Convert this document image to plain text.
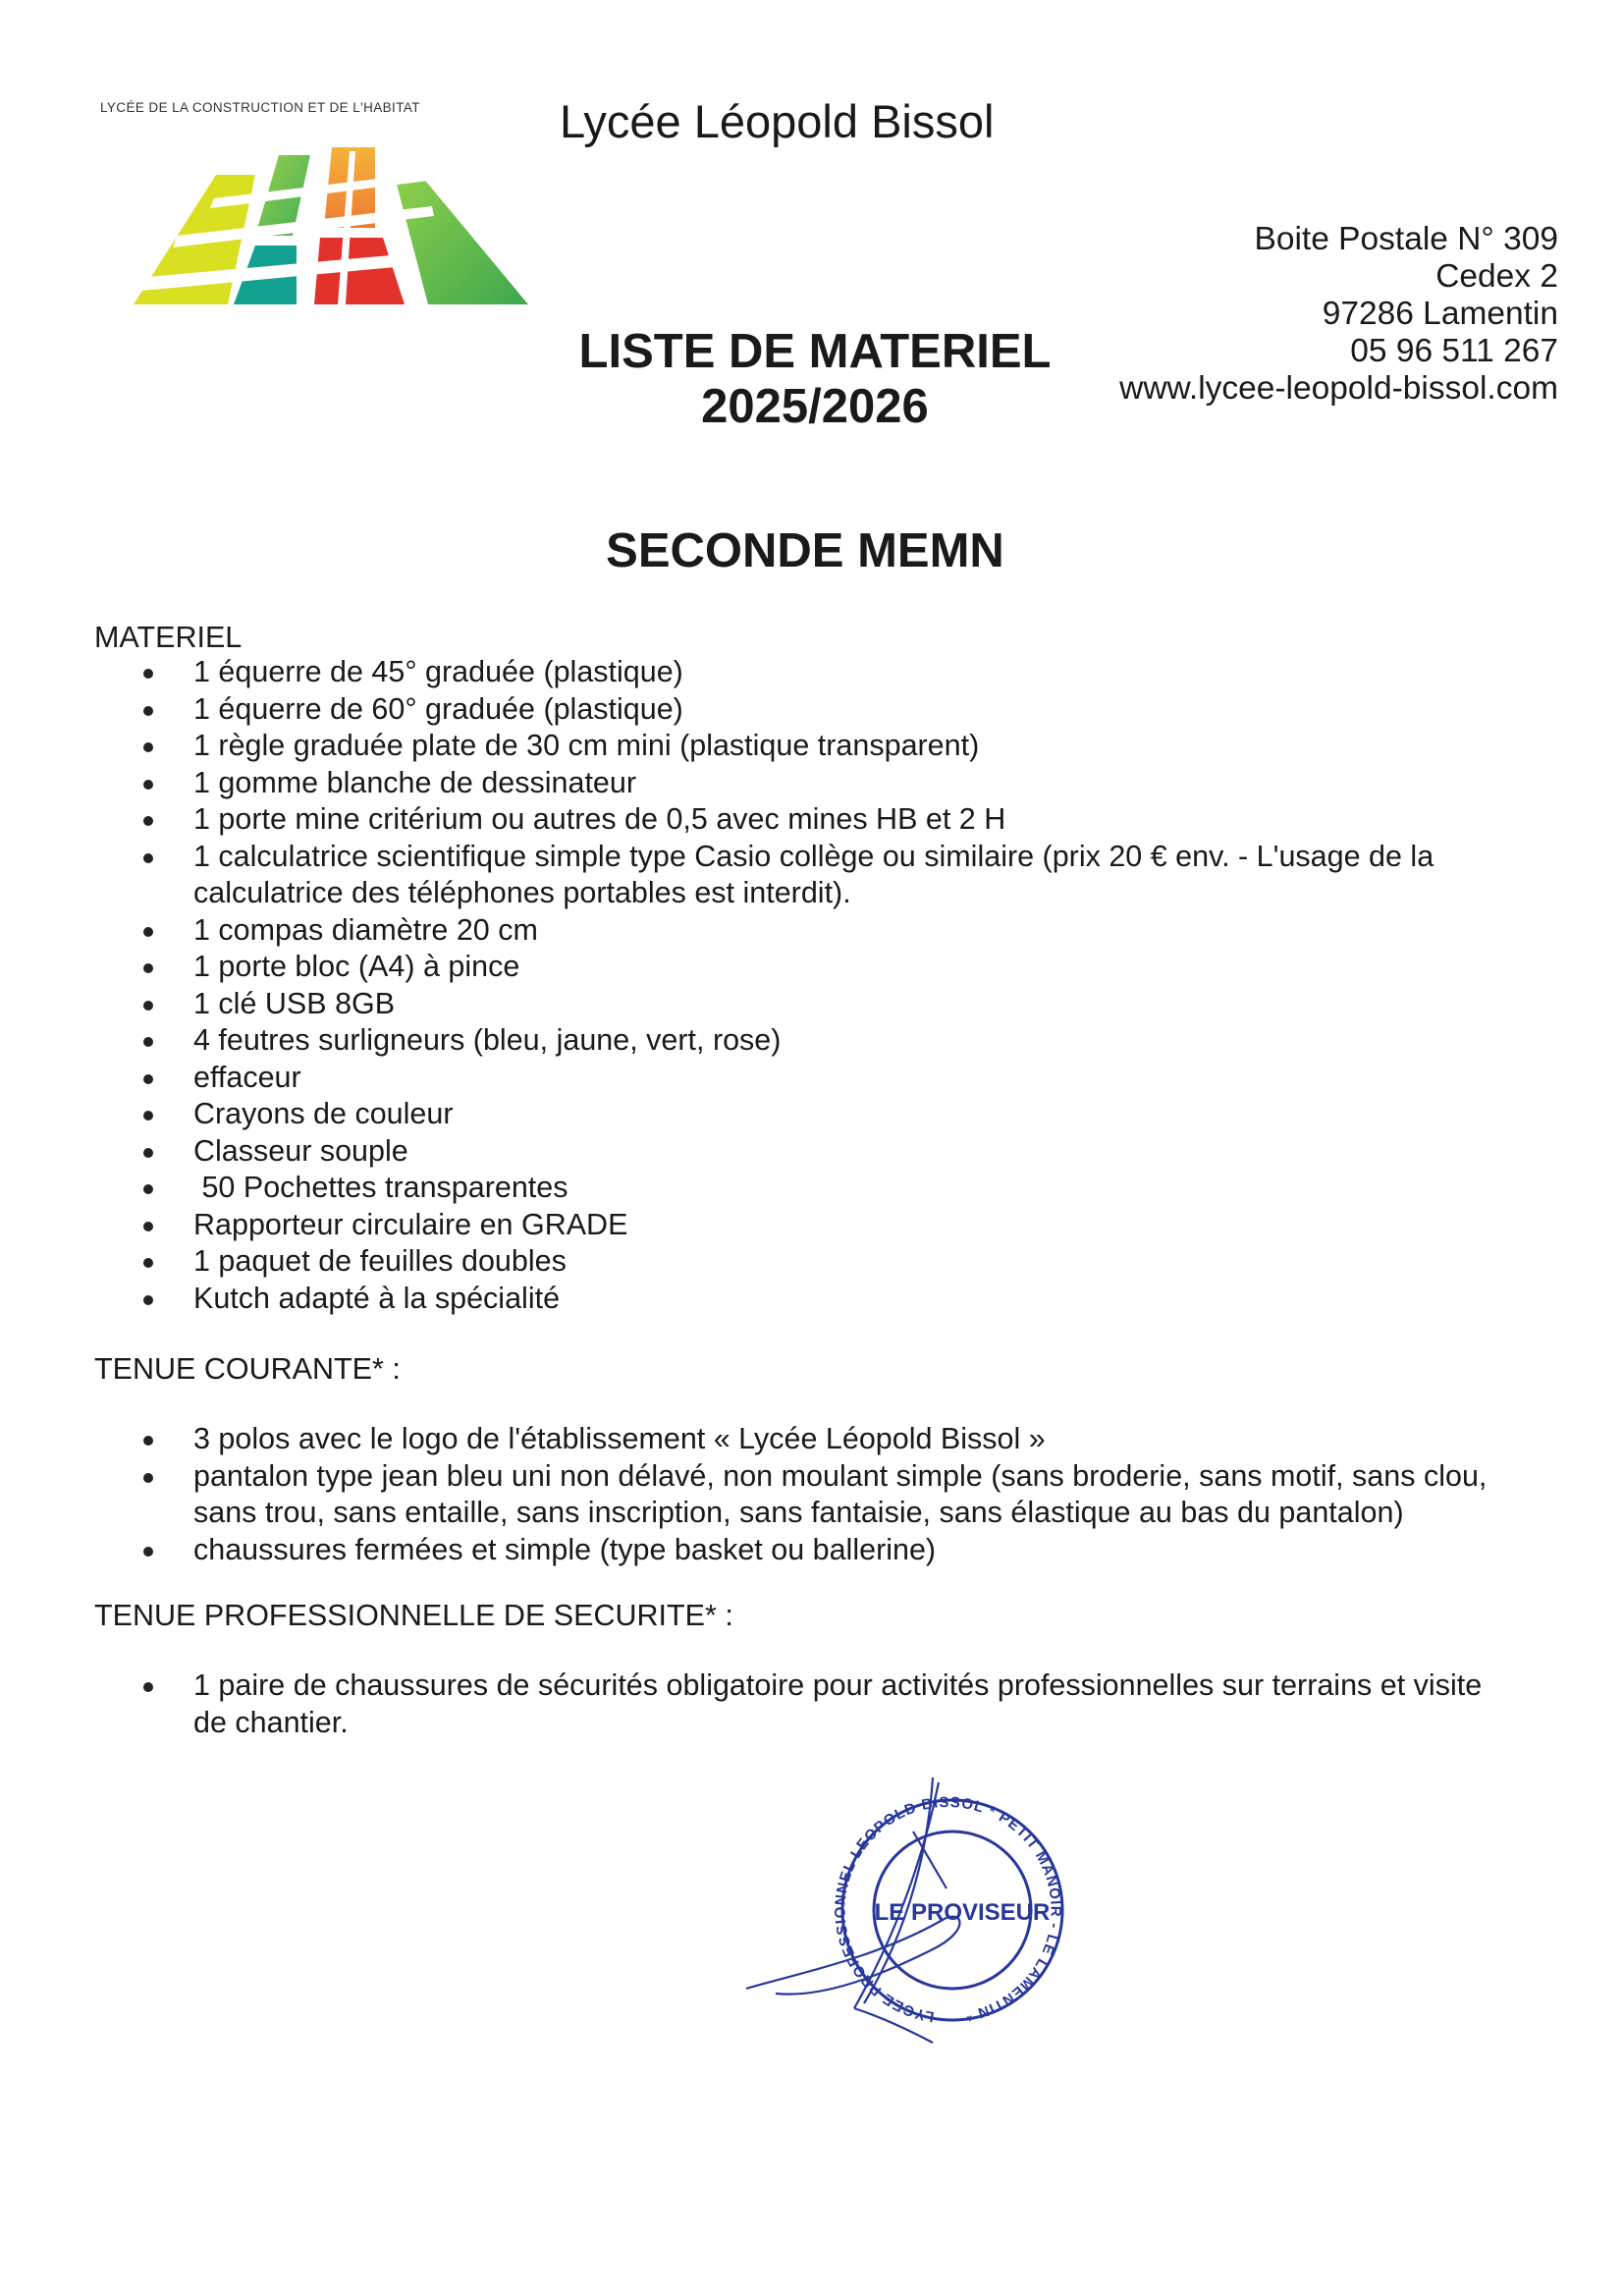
LYCÉE DE LA CONSTRUCTION ET DE L'HABITAT	Lycée Léopold Bissol
Boite Postale N° 309
Cedex 2
97286 Lamentin
05 96 511 267
www.lycee-leopold-bissol.com
LISTE DE MATERIEL
2025/2026
SECONDE MEMN
MATERIEL
1 équerre de 45° graduée (plastique)
1 équerre de 60° graduée (plastique)
1 règle graduée plate de 30 cm mini (plastique transparent)
1 gomme blanche de dessinateur
1 porte mine critérium ou autres de 0,5 avec mines HB et 2 H
1 calculatrice scientifique simple type Casio collège ou similaire (prix 20 € env. - L'usage de la calculatrice des téléphones portables est interdit).
1 compas diamètre 20 cm
1 porte bloc (A4) à pince
1 clé USB 8GB
4 feutres surligneurs (bleu, jaune, vert, rose)
effaceur
Crayons de couleur
Classeur souple
50 Pochettes transparentes
Rapporteur circulaire en GRADE
1 paquet de feuilles doubles
Kutch adapté à la spécialité
TENUE COURANTE* :
3 polos avec le logo de l'établissement « Lycée Léopold Bissol »
pantalon type jean bleu uni non délavé, non moulant simple (sans broderie, sans motif, sans clou, sans trou, sans entaille, sans inscription, sans fantaisie, sans élastique au bas du pantalon)
chaussures fermées et simple (type basket ou ballerine)
TENUE PROFESSIONNELLE DE SECURITE* :
1 paire de chaussures de sécurités obligatoire pour activités professionnelles sur terrains et visite de chantier.
LYCEE PROFESSIONNEL LEOPOLD BISSOL * PETIT MANOIR - LE LAMENTIN *
LE PROVISEUR
